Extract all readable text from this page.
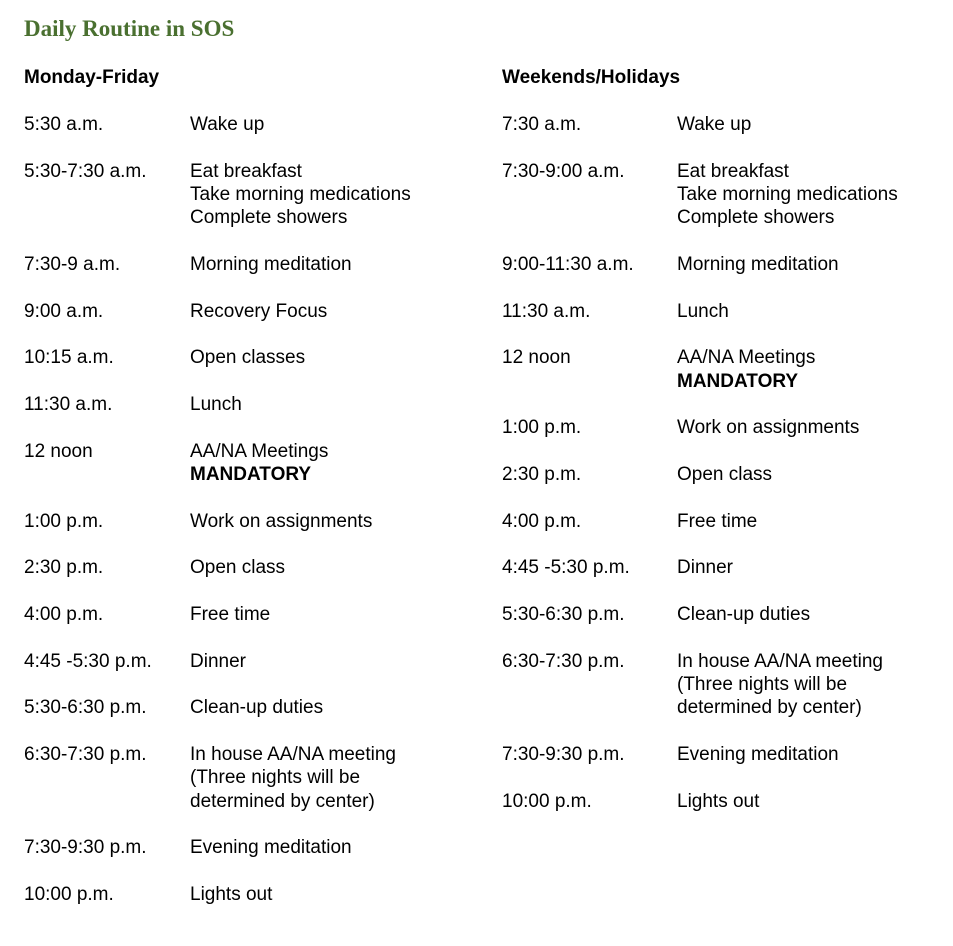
Daily Routine in SOS
Monday-Friday
5:30 a.m.	Wake up
5:30-7:30 a.m.	Eat breakfast
Take morning medications
Complete showers
7:30-9 a.m.	Morning meditation
9:00 a.m.	Recovery Focus
10:15 a.m.	Open classes
11:30 a.m.	Lunch
12 noon	AA/NA Meetings
MANDATORY
1:00 p.m.	Work on assignments
2:30 p.m.	Open class
4:00 p.m.	Free time
4:45 -5:30 p.m.	Dinner
5:30-6:30 p.m.	Clean-up duties
6:30-7:30 p.m.	In house AA/NA meeting
(Three nights will be
determined by center)
7:30-9:30 p.m.	Evening meditation
10:00 p.m.	Lights out
Weekends/Holidays
7:30 a.m.	Wake up
7:30-9:00 a.m.	Eat breakfast
Take morning medications
Complete showers
9:00-11:30 a.m.	Morning meditation
11:30 a.m.	Lunch
12 noon	AA/NA Meetings
MANDATORY
1:00 p.m.	Work on assignments
2:30 p.m.	Open class
4:00 p.m.	Free time
4:45 -5:30 p.m.	Dinner
5:30-6:30 p.m.	Clean-up duties
6:30-7:30 p.m.	In house AA/NA meeting
(Three nights will be
determined by center)
7:30-9:30 p.m.	Evening meditation
10:00 p.m.	Lights out
